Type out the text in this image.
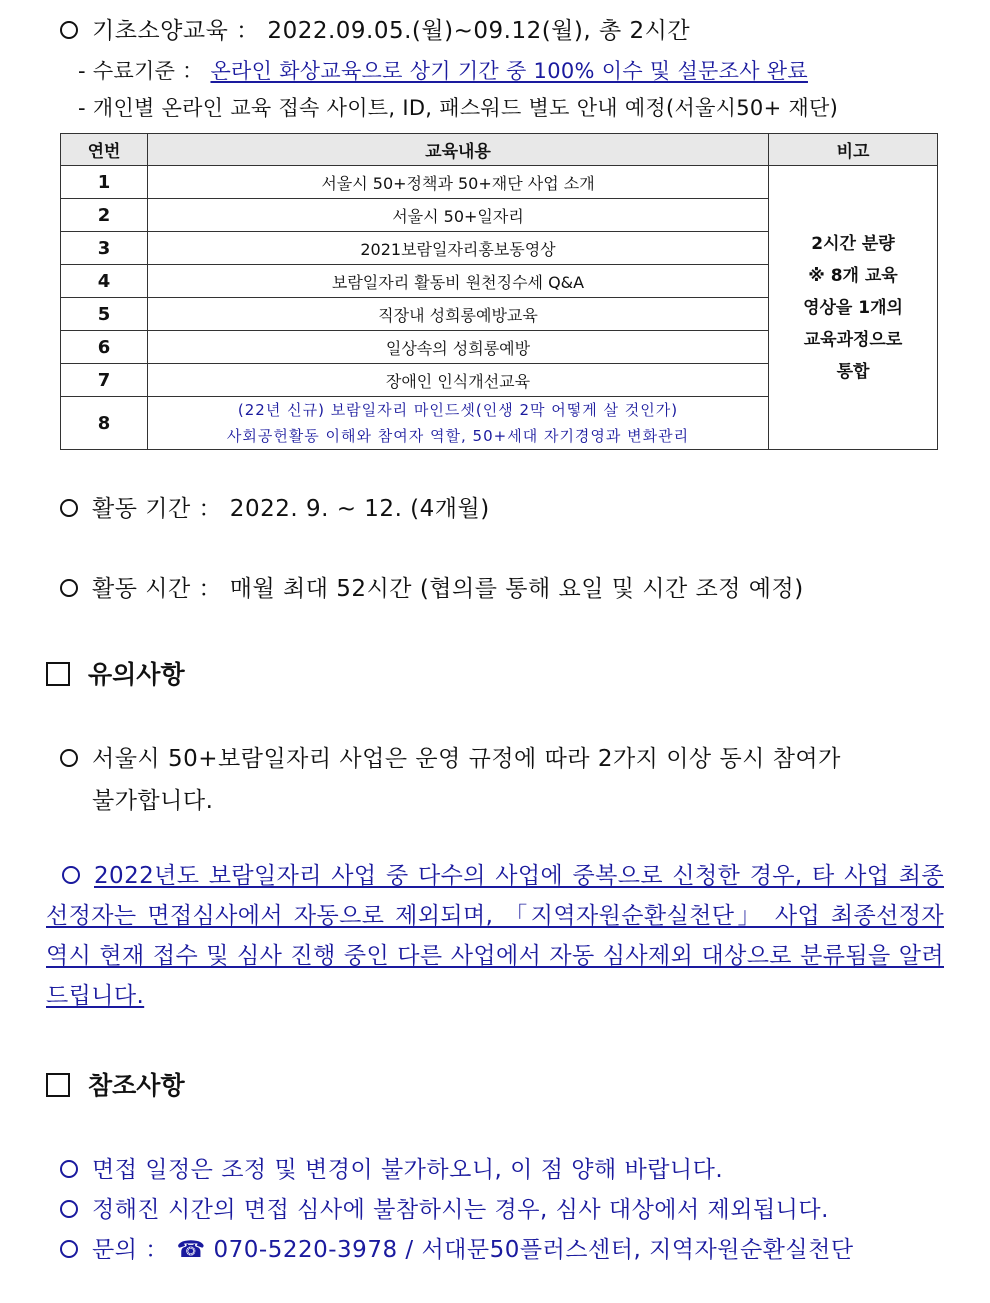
기초소양교육 ： 2022.09.05.(월)~09.12(월), 총 2시간
- 수료기준 ： 온라인 화상교육으로 상기 기간 중 100% 이수 및 설문조사 완료
- 개인별 온라인 교육 접속 사이트, ID, 패스워드 별도 안내 예정(서울시50+ 재단)
연번	교육내용	비고
1	서울시 50+정책과 50+재단 사업 소개	2시간 분량
※ 8개 교육
영상을 1개의
교육과정으로
통합

2	서울시 50+일자리	
3	2021보람일자리홍보동영상	
4	보람일자리 활동비 원천징수세 Q&A	
5	직장내 성희롱예방교육	
6	일상속의 성희롱예방	
7	장애인 인식개선교육	
8	(22년 신규) 보람일자리 마인드셋(인생 2막 어떻게 살 것인가)
사회공헌활동 이해와 참여자 역할, 50+세대 자기경영과 변화관리	
활동 기간 ： 2022. 9. ~ 12. (4개월)
활동 시간 ： 매월 최대 52시간 (협의를 통해 요일 및 시간 조정 예정)
유의사항
서울시 50+보람일자리 사업은 운영 규정에 따라 2가지 이상 동시 참여가
불가합니다.
2022년도 보람일자리 사업 중 다수의 사업에 중복으로 신청한 경우, 타 사업 최종선정자는 면접심사에서 자동으로 제외되며, 「지역자원순환실천단」 사업 최종선정자 역시 현재 접수 및 심사 진행 중인 다른 사업에서 자동 심사제외 대상으로 분류됨을 알려드립니다.
참조사항
면접 일정은 조정 및 변경이 불가하오니, 이 점 양해 바랍니다.
정해진 시간의 면접 심사에 불참하시는 경우, 심사 대상에서 제외됩니다.
문의 ： ☎ 070-5220-3978 / 서대문50플러스센터, 지역자원순환실천단
